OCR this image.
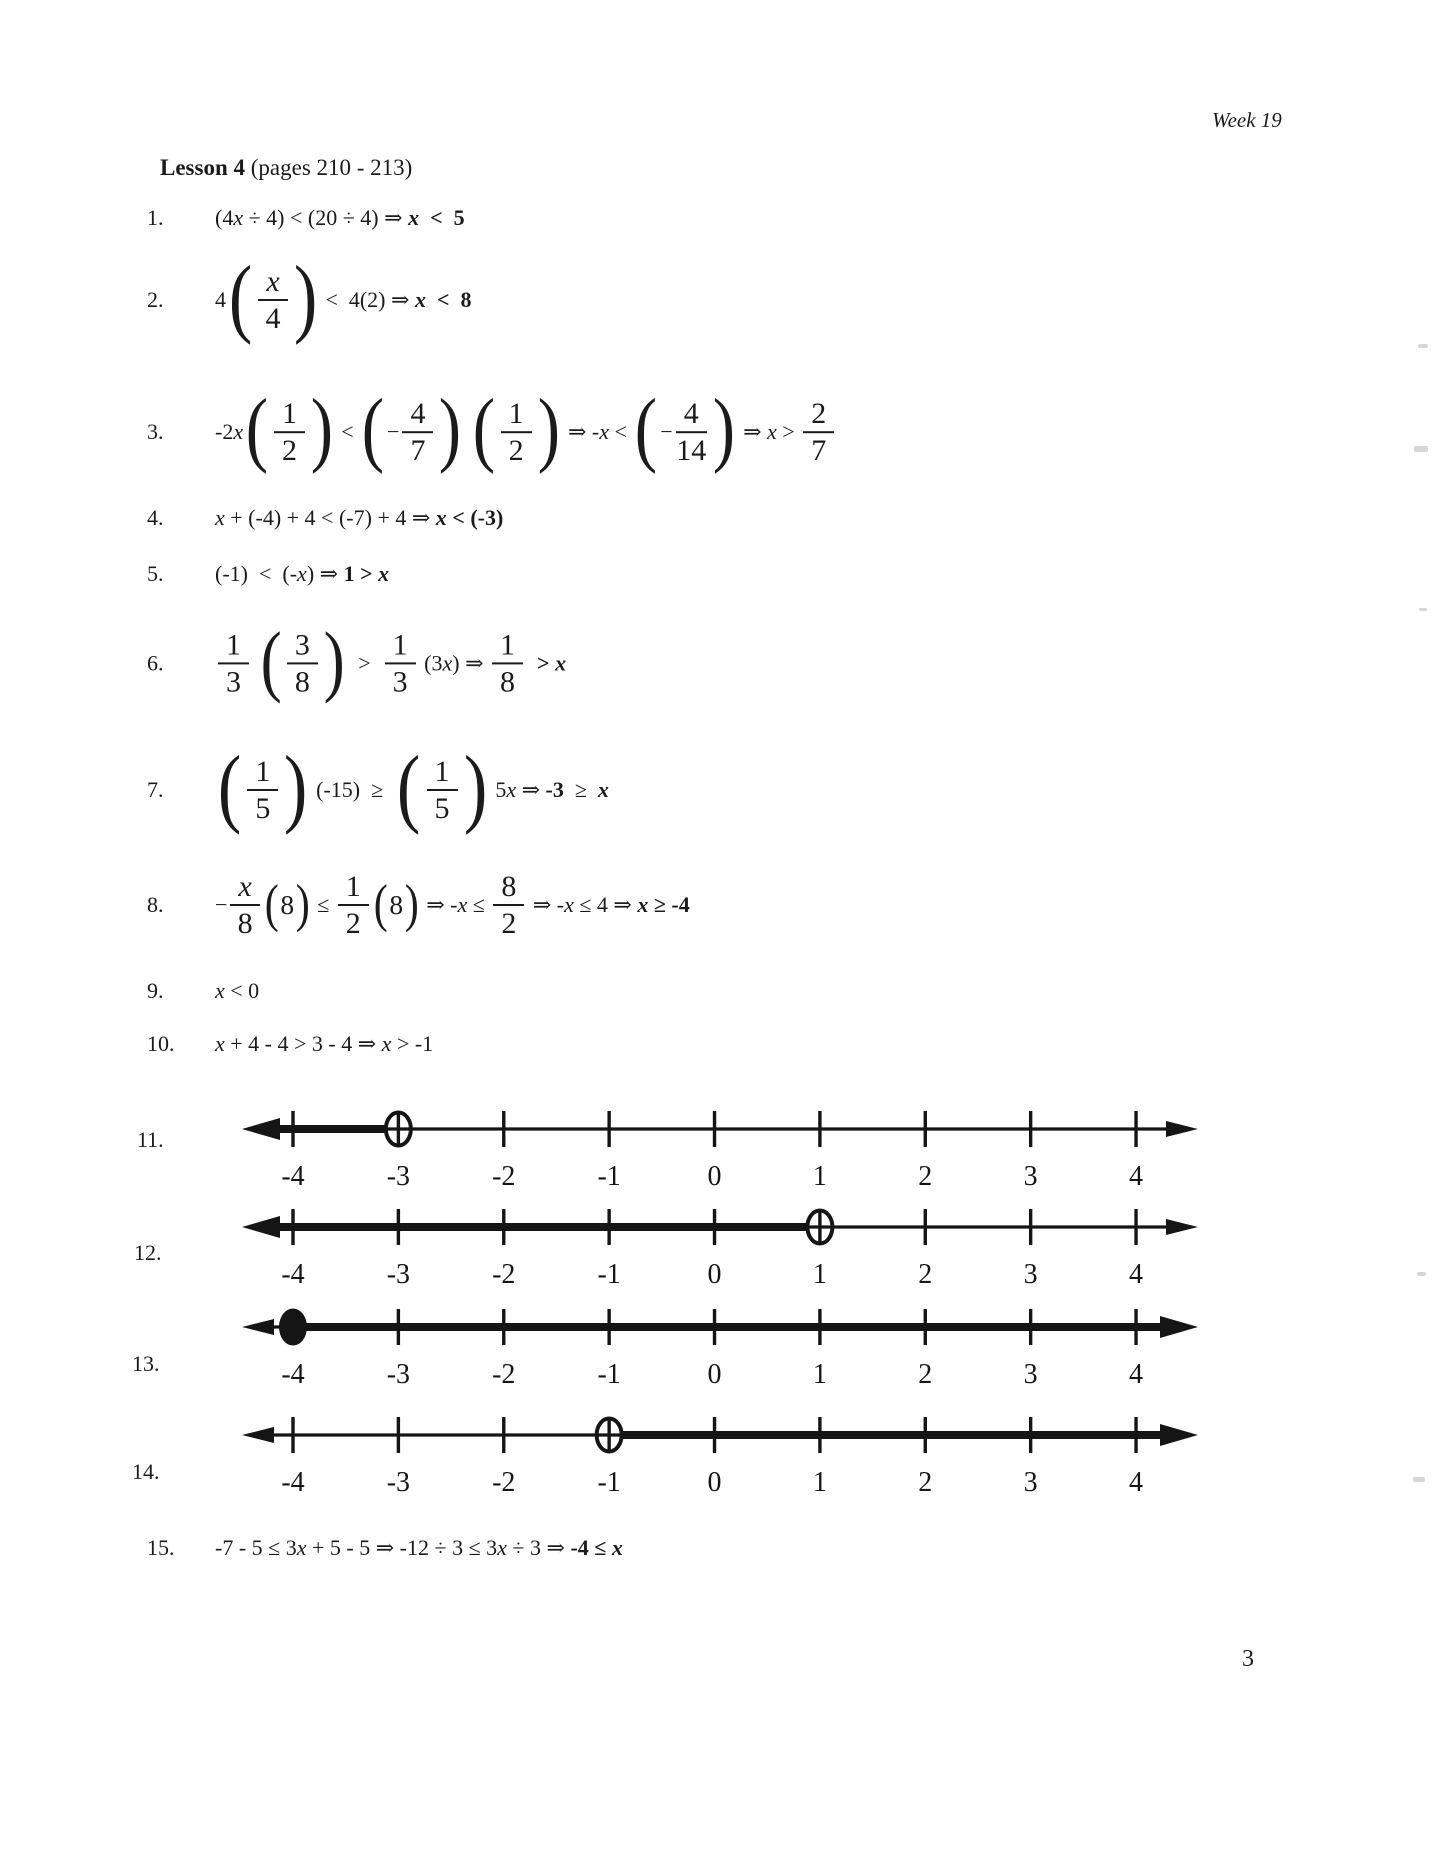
Week 19
Lesson 4 (pages 210 - 213)
1.	(4 x ÷ 4) < (20 ÷ 4) ⇒ x <  5
2.	4 ( $\frac{x}{4}$ ) <  4(2) ⇒ x <  8
3.	-2 x ( $\frac{1}{2}$ ) < ( − $\frac{4}{7}$ )
( $\frac{1}{2}$ ) ⇒ - x < ( − $\frac{4}{14}$ ) ⇒ $x > \frac{2}{7}$
4.	x + (-4) + 4 < (-7) + 4 ⇒ x < (-3)
5.	(-1)  <  (- x ) ⇒ 1 > x
6.	$\frac{1}{3}$
( $\frac{3}{8}$ ) > $\frac{1}{3} (3$ x ) ⇒ $\frac{1}{8} > x$
7. ( $\frac{1}{5}$ ) (-15)  ≥ ( $\frac{1}{5}$ ) 5 x ⇒ -3 ≥ x
8.	− $\frac{x}{8}$ ( 8 ) ≤ $\frac{1}{2}$ ( 8 ) ⇒ - $x \le \frac{8}{2}$ ⇒ - x ≤ 4 ⇒ x ≥ -4
9.	x < 0
10.	x + 4 - 4 > 3 - 4 ⇒ x > -1
15.	-7 - 5 ≤ 3 x + 5 - 5 ⇒ -12 ÷ 3 ≤ 3 x ÷ 3 ⇒ -4 ≤ x
11.
-4	-3	-2	-1	0	1	2	3	4
12.
-4	-3	-2	-1	0	1	2	3	4
13.	-4	-3	-2	-1	0	1	2	3	4
14.	-4	-3	-2	-1	0	1	2	3	4
3
